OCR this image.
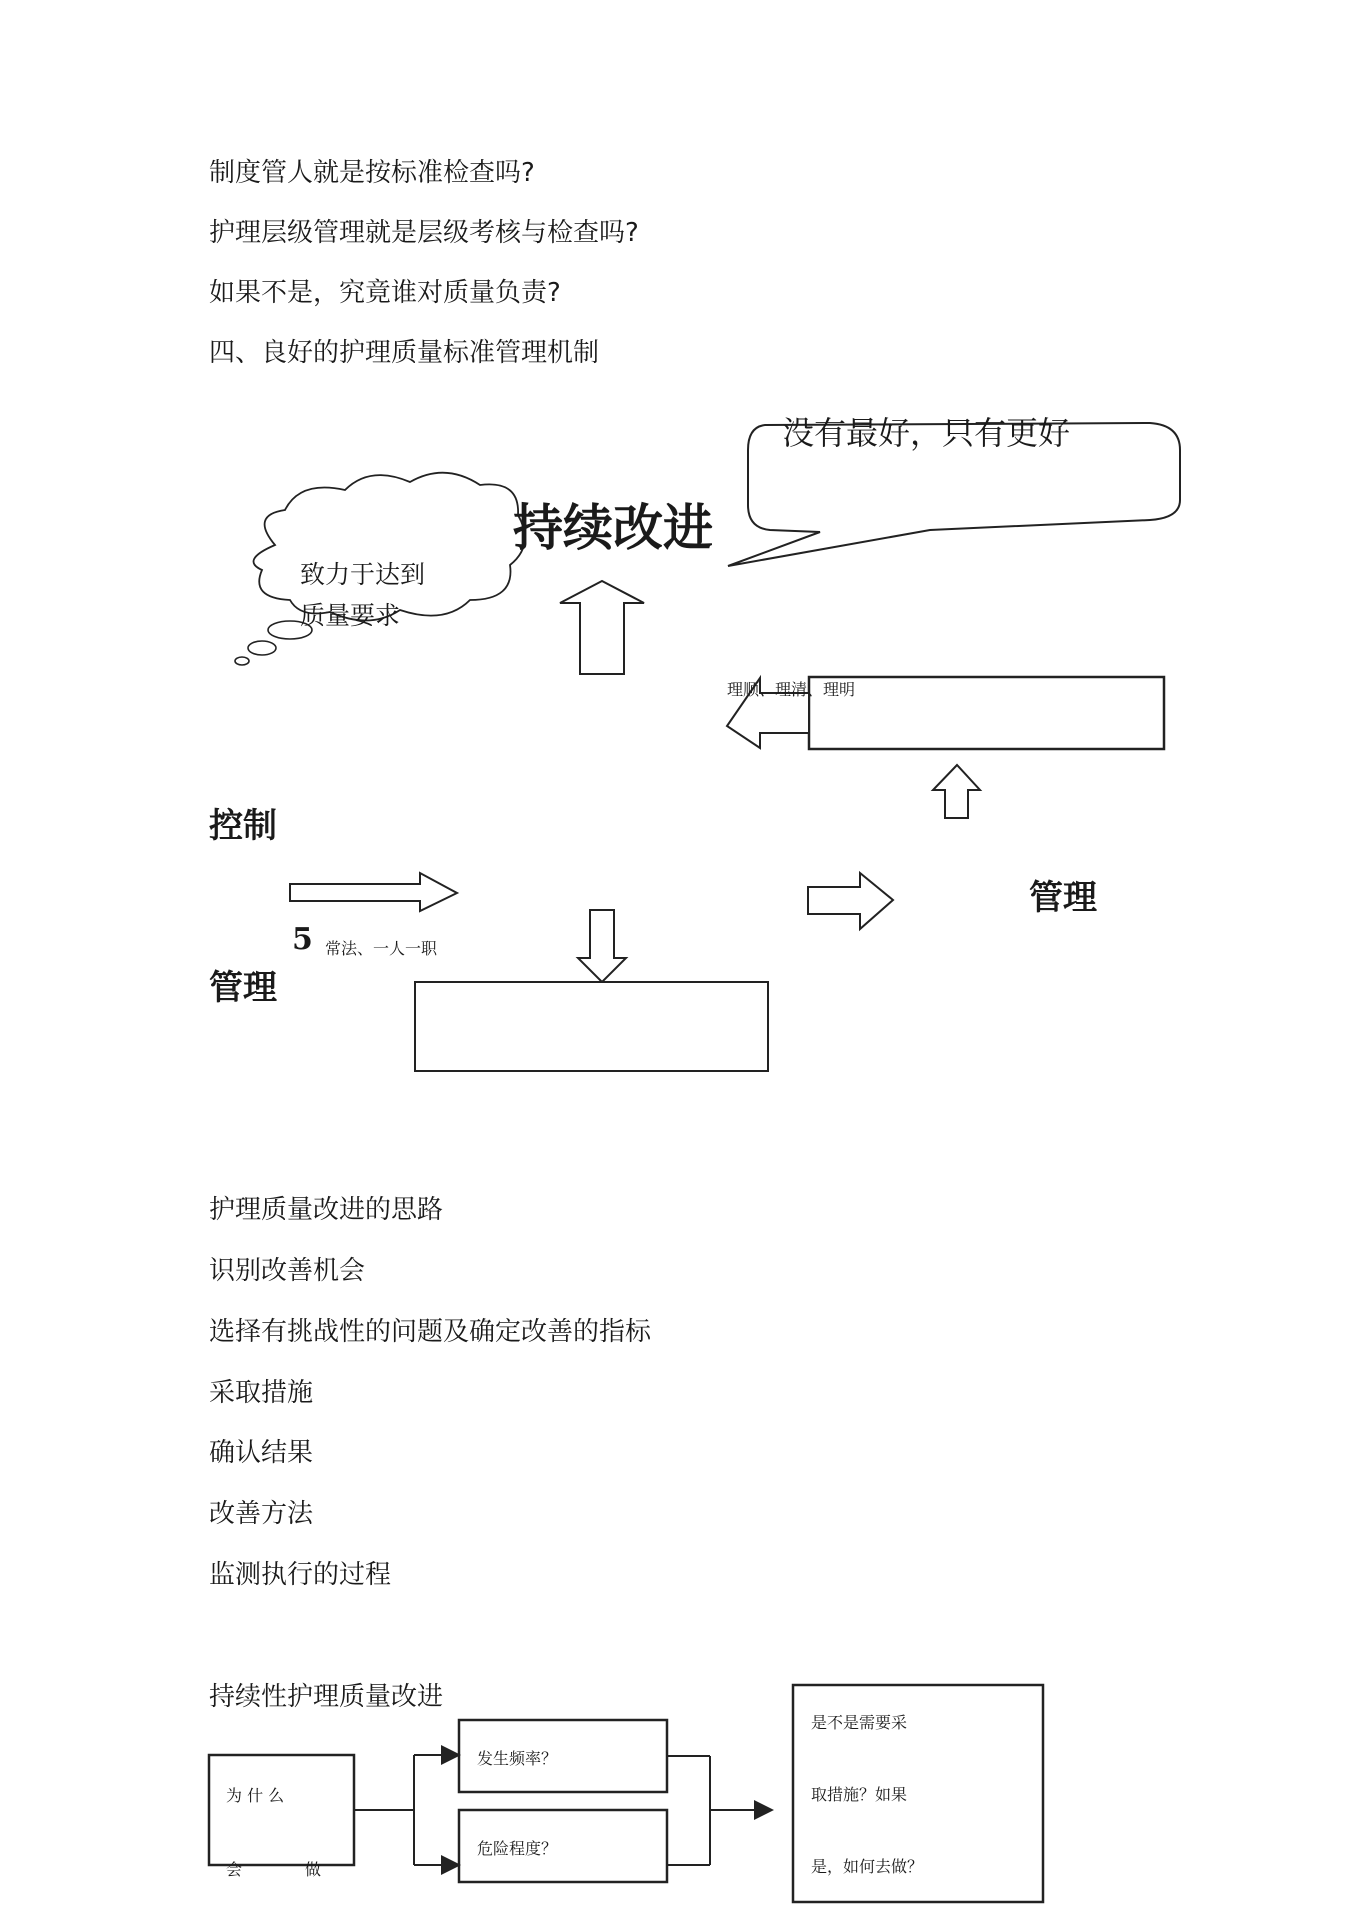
制度管人就是按标准检查吗?
护理层级管理就是层级考核与检查吗?
如果不是，究竟谁对质量负责?
四、良好的护理质量标准管理机制
没有最好，只有更好
持续改进
致力于达到
质量要求
理顺、理清、理明
控制
管理
管理
5 常法、一人一职
护理质量改进的思路
识别改善机会
选择有挑战性的问题及确定改善的指标
采取措施
确认结果
改善方法
监测执行的过程
持续性护理质量改进
为 什 么
会	做
发生频率？
危险程度？
是不是需要采
取措施？如果
是，如何去做？
